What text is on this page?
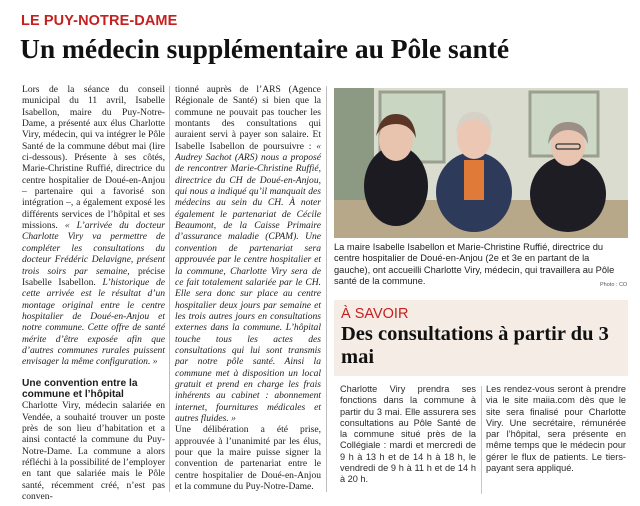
LE PUY-NOTRE-DAME
Un médecin supplémentaire au Pôle santé

Lors de la séance du conseil municipal du 11 avril, Isabelle Isabellon, maire du Puy-Notre-Dame, a présenté aux élus Charlotte Viry, médecin, qui va intégrer le Pôle Santé de la commune début mai (lire ci-dessous). Présente à ses côtés, Marie-Christine Ruffié, directrice du centre hospitalier de Doué-en-Anjou – partenaire qui a favorisé son intégration –, a également exposé les différents services de l’hôpital et ses missions. « L’arrivée du docteur Charlotte Viry va permettre de compléter les consultations du docteur Frédéric Delavigne, présent trois soirs par semaine, précise Isabelle Isabellon. L’historique de cette arrivée est le résultat d’un montage original entre le centre hospitalier de Doué-en-Anjou et notre commune. Cette offre de santé mérite d’être exposée afin que d’autres communes rurales puissent envisager la même configuration. »

Une convention entre la commune et l’hôpital

Charlotte Viry, médecin salariée en Vendée, a souhaité trouver un poste près de son lieu d’habitation et a ainsi contacté la commune du Puy-Notre-Dame. La commune a alors réfléchi à la possibilité de l’employer en tant que salariée mais le Pôle santé, récemment créé, n’est pas conven-

tionné auprès de l’ARS (Agence Régionale de Santé) si bien que la commune ne pouvait pas toucher les montants des consultations qui auraient servi à payer son salaire. Et Isabelle Isabellon de poursuivre : « Audrey Sachot (ARS) nous a proposé de rencontrer Marie-Christine Ruffié, directrice du CH de Doué-en-Anjou, qui nous a indiqué qu’il manquait des médecins au sein du CH. À noter également le partenariat de Cécile Beaumont, de la Caisse Primaire d’assurance maladie (CPAM). Une convention de partenariat sera approuvée par le centre hospitalier et la commune, Charlotte Viry sera de ce fait totalement salariée par le CH. Elle sera donc sur place au centre hospitalier deux jours par semaine et les trois autres jours en consultations externes dans la commune. L’hôpital touche tous les actes des consultations qui lui sont transmis par notre pôle santé. Ainsi la commune met à disposition un local gratuit et prend en charge les frais inhérents au cabinet : abonnement internet, fournitures médicales et autres fluides. »

Une délibération a été prise, approuvée à l’unanimité par les élus, pour que la maire puisse signer la convention de partenariat entre le centre hospitalier de Doué-en-Anjou et la commune du Puy-Notre-Dame.

La maire Isabelle Isabellon et Marie-Christine Ruffié, directrice du centre hospitalier de Doué-en-Anjou (2e et 3e en partant de la gauche), ont accueilli Charlotte Viry, médecin, qui travaillera au Pôle santé de la commune.	Photo : CO
À SAVOIR
Des consultations à partir du 3 mai
Charlotte Viry prendra ses fonctions dans la commune à partir du 3 mai. Elle assurera ses consultations au Pôle Santé de la commune situé près de la Collégiale : mardi et mercredi de 9 h à 13 h et de 14 h à 18 h, le vendredi de 9 h à 11 h et de 14 h à 20 h.
Les rendez-vous seront à prendre via le site maiia.com dès que le site sera finalisé pour Charlotte Viry. Une secrétaire, rémunérée par l’hôpital, sera présente en même temps que le médecin pour gérer le flux de patients. Le tiers-payant sera appliqué.
